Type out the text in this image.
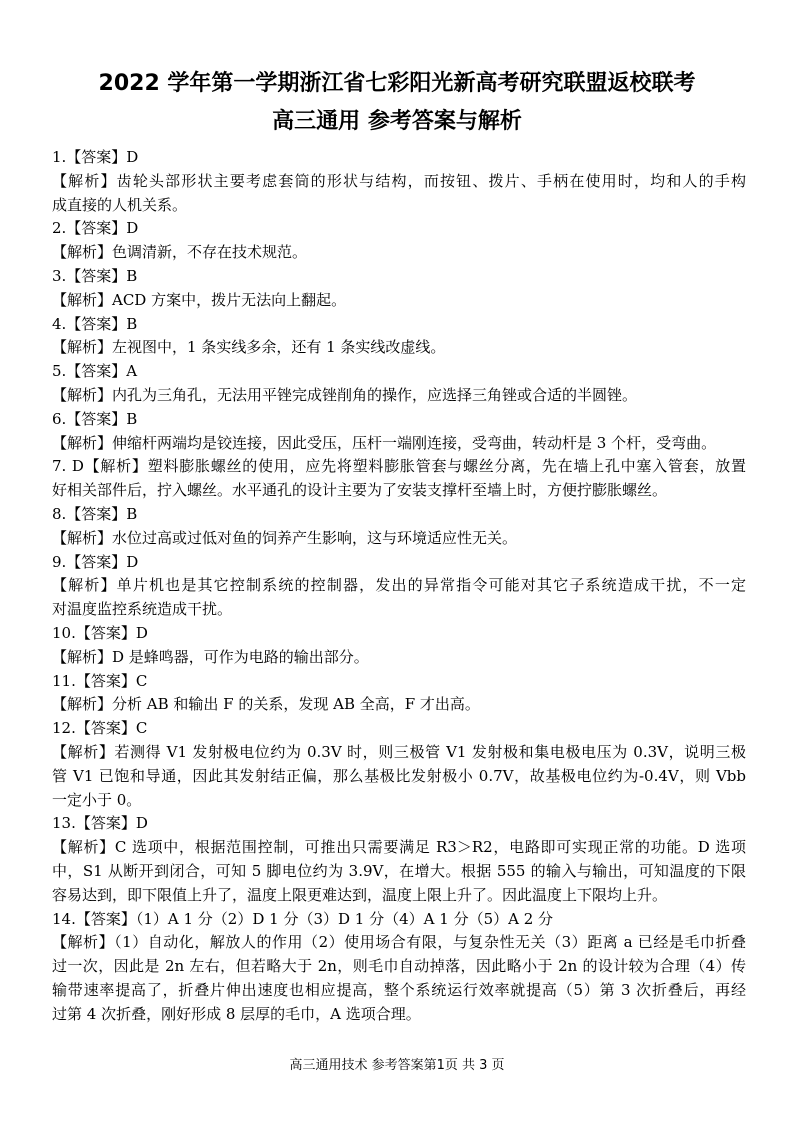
2022 学年第一学期浙江省七彩阳光新高考研究联盟返校联考
高三通用 参考答案与解析
1.【答案】D
【解析】齿轮头部形状主要考虑套筒的形状与结构，而按钮、拨片、手柄在使用时，均和人的手构
成直接的人机关系。
2.【答案】D
【解析】色调清新，不存在技术规范。
3.【答案】B
【解析】ACD 方案中，拨片无法向上翻起。
4.【答案】B
【解析】左视图中，1 条实线多余，还有 1 条实线改虚线。
5.【答案】A
【解析】内孔为三角孔，无法用平锉完成锉削角的操作，应选择三角锉或合适的半圆锉。
6.【答案】B
【解析】伸缩杆两端均是铰连接，因此受压，压杆一端刚连接，受弯曲，转动杆是 3 个杆，受弯曲。
7. D【解析】塑料膨胀螺丝的使用，应先将塑料膨胀管套与螺丝分离，先在墙上孔中塞入管套，放置
好相关部件后，拧入螺丝。水平通孔的设计主要为了安装支撑杆至墙上时，方便拧膨胀螺丝。
8.【答案】B
【解析】水位过高或过低对鱼的饲养产生影响，这与环境适应性无关。
9.【答案】D
【解析】单片机也是其它控制系统的控制器，发出的异常指令可能对其它子系统造成干扰，不一定
对温度监控系统造成干扰。
10.【答案】D
【解析】D 是蜂鸣器，可作为电路的输出部分。
11.【答案】C
【解析】分析 AB 和输出 F 的关系，发现 AB 全高，F 才出高。
12.【答案】C
【解析】若测得 V1 发射极电位约为 0.3V 时，则三极管 V1 发射极和集电极电压为 0.3V，说明三极
管 V1 已饱和导通，因此其发射结正偏，那么基极比发射极小 0.7V，故基极电位约为-0.4V，则 Vbb
一定小于 0。
13.【答案】D
【解析】C 选项中，根据范围控制，可推出只需要满足 R3＞R2，电路即可实现正常的功能。D 选项
中，S1 从断开到闭合，可知 5 脚电位约为 3.9V，在增大。根据 555 的输入与输出，可知温度的下限
容易达到，即下限值上升了，温度上限更难达到，温度上限上升了。因此温度上下限均上升。
14.【答案】（1）A 1 分（2）D 1 分（3）D 1 分（4）A 1 分（5）A 2 分
【解析】（1）自动化，解放人的作用（2）使用场合有限，与复杂性无关（3）距离 a 已经是毛巾折叠
过一次，因此是 2n 左右，但若略大于 2n，则毛巾自动掉落，因此略小于 2n 的设计较为合理（4）传
输带速率提高了，折叠片伸出速度也相应提高，整个系统运行效率就提高（5）第 3 次折叠后，再经
过第 4 次折叠，刚好形成 8 层厚的毛巾，A 选项合理。
高三通用技术 参考答案第1页 共 3 页
